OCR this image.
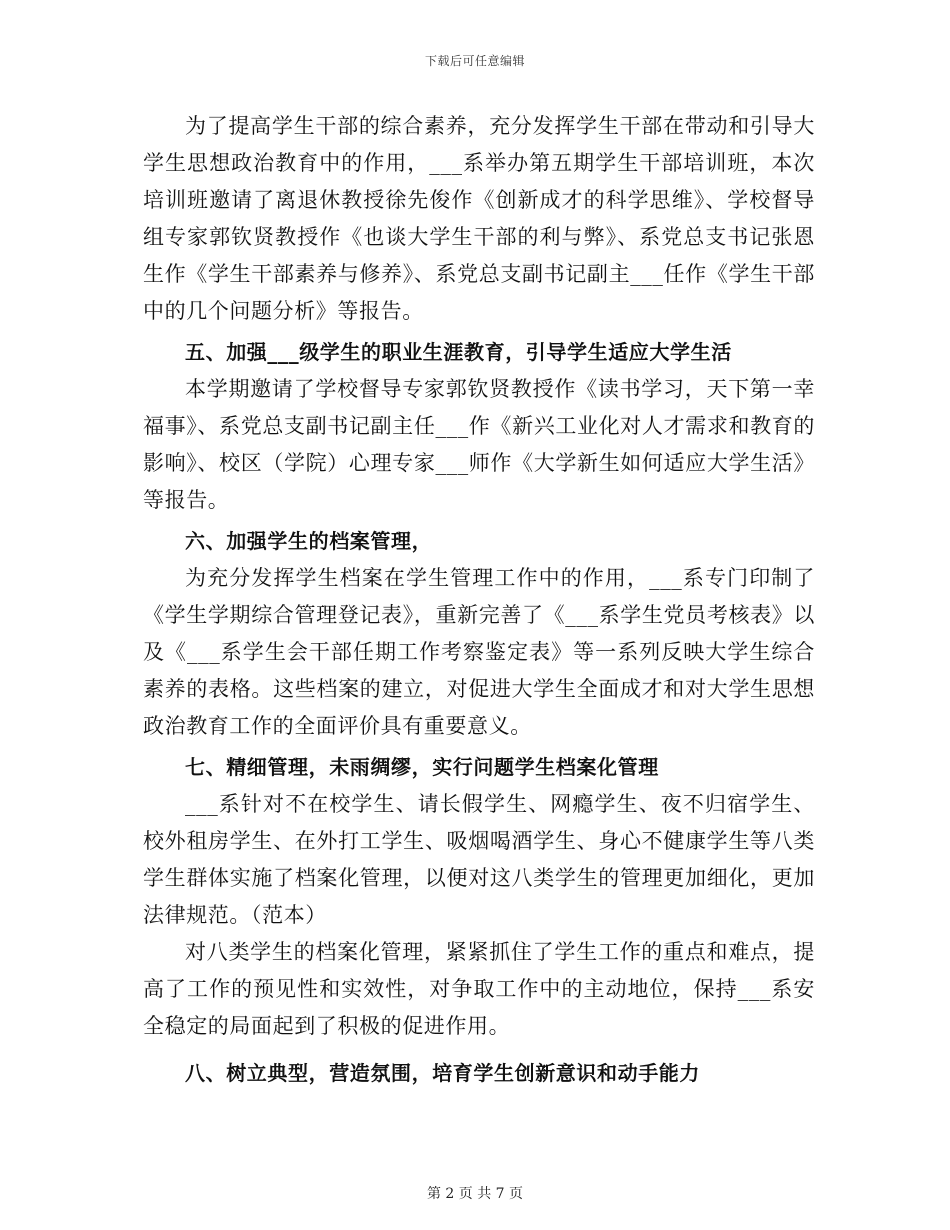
下载后可任意编辑

为了提高学生干部的综合素养，充分发挥学生干部在带动和引导大学生思想政治教育中的作用，___系举办第五期学生干部培训班，本次培训班邀请了离退休教授徐先俊作《创新成才的科学思维》、学校督导组专家郭钦贤教授作《也谈大学生干部的利与弊》、系党总支书记张恩生作《学生干部素养与修养》、系党总支副书记副主___任作《学生干部中的几个问题分析》等报告。

五、加强___级学生的职业生涯教育，引导学生适应大学生活

本学期邀请了学校督导专家郭钦贤教授作《读书学习，天下第一幸福事》、系党总支副书记副主任___作《新兴工业化对人才需求和教育的影响》、校区（学院）心理专家___师作《大学新生如何适应大学生活》等报告。

六、加强学生的档案管理，

为充分发挥学生档案在学生管理工作中的作用，___系专门印制了《学生学期综合管理登记表》，重新完善了《___系学生党员考核表》以及《___系学生会干部任期工作考察鉴定表》等一系列反映大学生综合素养的表格。这些档案的建立，对促进大学生全面成才和对大学生思想政治教育工作的全面评价具有重要意义。

七、精细管理，未雨绸缪，实行问题学生档案化管理

___系针对不在校学生、请长假学生、网瘾学生、夜不归宿学生、校外租房学生、在外打工学生、吸烟喝酒学生、身心不健康学生等八类学生群体实施了档案化管理，以便对这八类学生的管理更加细化，更加法律规范。（范本）

对八类学生的档案化管理，紧紧抓住了学生工作的重点和难点，提高了工作的预见性和实效性，对争取工作中的主动地位，保持___系安全稳定的局面起到了积极的促进作用。

八、树立典型，营造氛围，培育学生创新意识和动手能力

第 2 页 共 7 页
